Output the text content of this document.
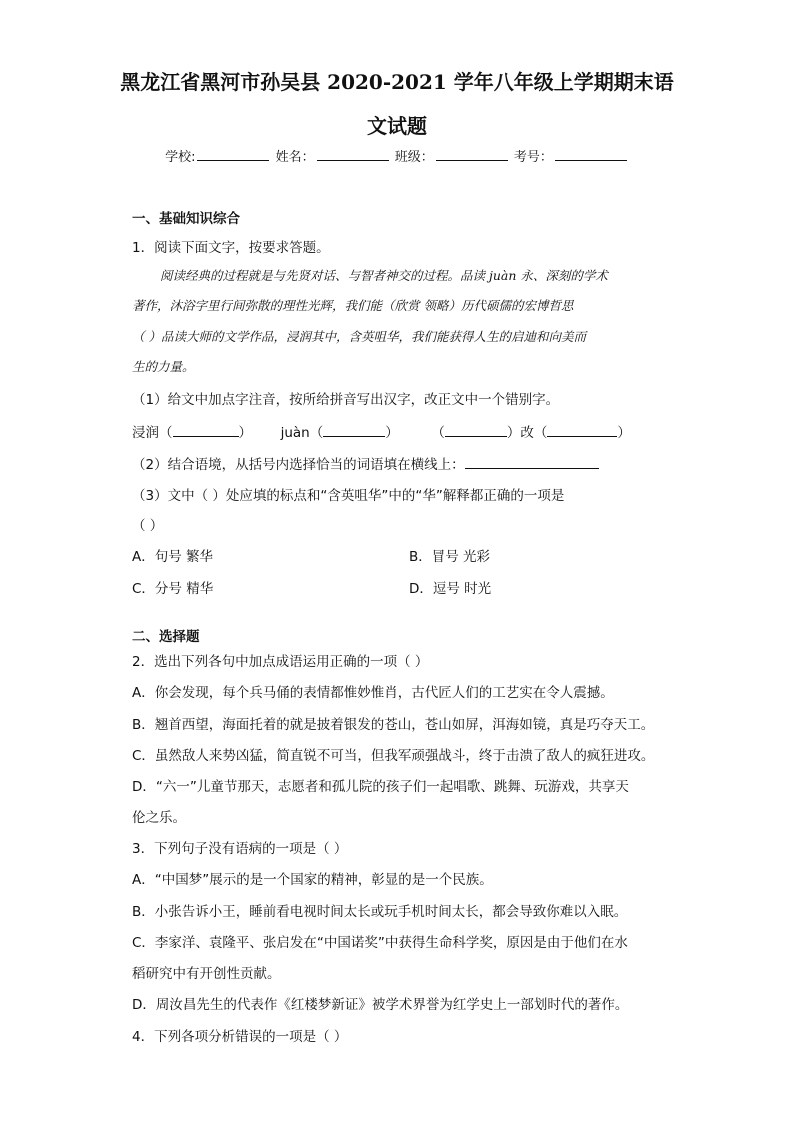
黑龙江省黑河市孙吴县 2020-2021 学年八年级上学期期末语
文试题
学校:	姓名：	班级：	考号：
一、基础知识综合
1．阅读下面文字，按要求答题。
阅读经典的过程就是与先贤对话、与智者神交的过程。品读 juàn 永、深刻的学术
著作，沐浴字里行间弥散的理性光辉，我们能（欣赏 领略）历代硕儒的宏博哲思
（ ）品读大师的文学作品，浸润其中，含英咀华，我们能获得人生的启迪和向美而
生的力量。
（1）给文中加点字注音，按所给拼音写出汉字，改正文中一个错别字。
浸润（	） juàn（	） （	）改（	）
（2）结合语境，从括号内选择恰当的词语填在横线上：
（3）文中（ ）处应填的标点和“含英咀华”中的“华”解释都正确的一项是
（ ）
A．句号 繁华	B．冒号 光彩
C．分号 精华	D．逗号 时光
二、选择题
2．选出下列各句中加点成语运用正确的一项（ ）
A．你会发现，每个兵马俑的表情都惟妙惟肖，古代匠人们的工艺实在令人震撼。
B．翘首西望，海面托着的就是披着银发的苍山，苍山如屏，洱海如镜，真是巧夺天工。
C．虽然敌人来势凶猛，简直锐不可当，但我军顽强战斗，终于击溃了敌人的疯狂进攻。
D．“六一”儿童节那天，志愿者和孤儿院的孩子们一起唱歌、跳舞、玩游戏，共享天
伦之乐。
3．下列句子没有语病的一项是（ ）
A．“中国梦”展示的是一个国家的精神，彰显的是一个民族。
B．小张告诉小王，睡前看电视时间太长或玩手机时间太长，都会导致你难以入眠。
C．李家洋、袁隆平、张启发在“中国诺奖”中获得生命科学奖，原因是由于他们在水
稻研究中有开创性贡献。
D．周汝昌先生的代表作《红楼梦新证》被学术界誉为红学史上一部划时代的著作。
4．下列各项分析错误的一项是（ ）
